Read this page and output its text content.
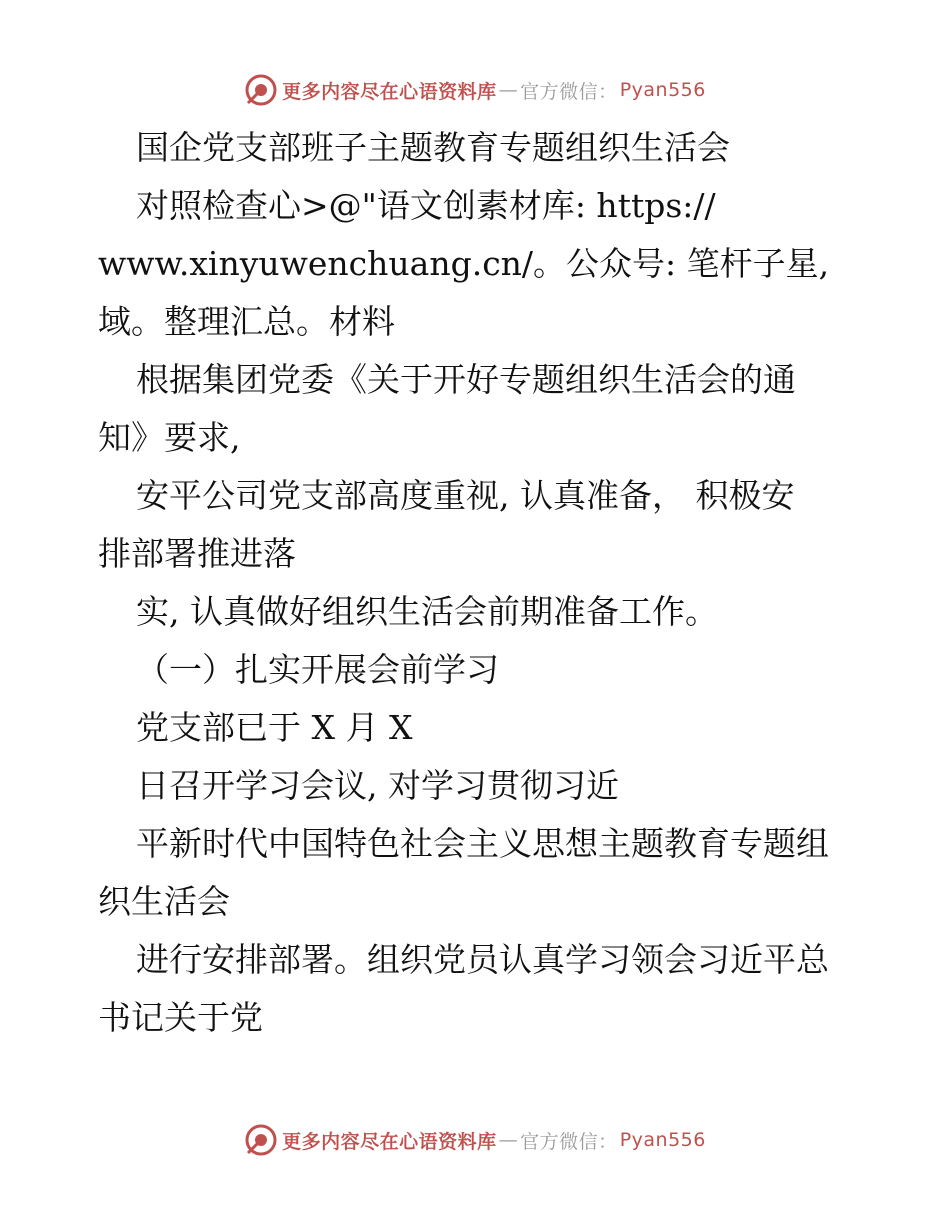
更多内容尽在心语资料库 — 官方微信： Pyan556
国企党支部班子主题教育专题组织生活会
对照检查心>@"语文创素材库: https://
www.xinyuwenchuang.cn/。公众号: 笔杆子星,
域。整理汇总。材料
根据集团党委《关于开好专题组织生活会的通
知》要求,
安平公司党支部高度重视, 认真准备， 积极安
排部署推进落
实, 认真做好组织生活会前期准备工作。
（一）扎实开展会前学习
党支部已于 X 月 X
日召开学习会议, 对学习贯彻习近
平新时代中国特色社会主义思想主题教育专题组
织生活会
进行安排部署。组织党员认真学习领会习近平总
书记关于党
更多内容尽在心语资料库 — 官方微信： Pyan556
